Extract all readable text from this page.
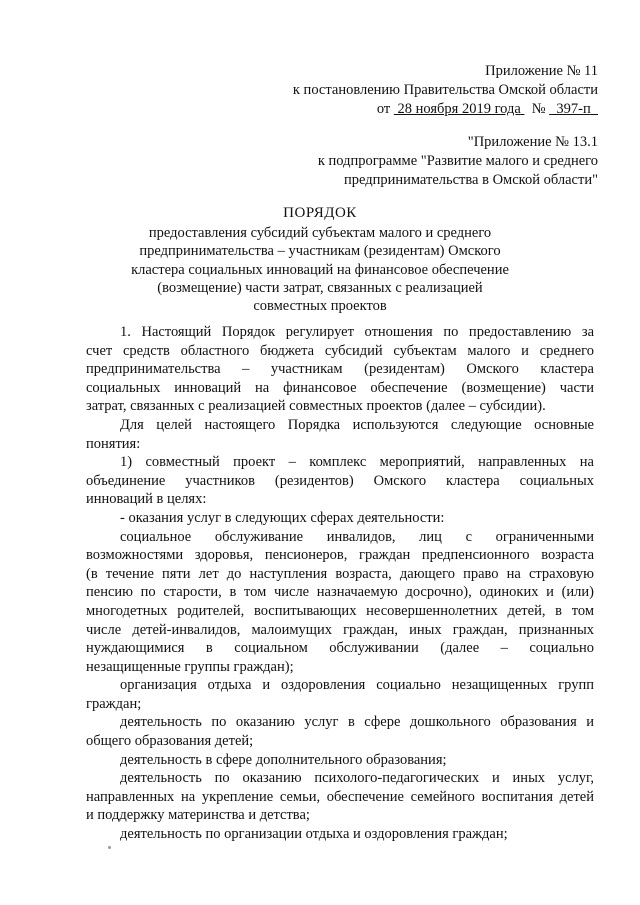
Приложение № 11
к постановлению Правительства Омской области
от 28 ноября 2019 года № 397-п
"Приложение № 13.1
к подпрограмме "Развитие малого и среднего
предпринимательства в Омской области"
ПОРЯДОК
предоставления субсидий субъектам малого и среднего
предпринимательства – участникам (резидентам) Омского
кластера социальных инноваций на финансовое обеспечение
(возмещение) части затрат, связанных с реализацией
совместных проектов

1. Настоящий Порядок регулирует отношения по предоставлению за

счет средств областного бюджета субсидий субъектам малого и среднего

предпринимательства – участникам (резидентам) Омского кластера

социальных инноваций на финансовое обеспечение (возмещение) части

затрат, связанных с реализацией совместных проектов (далее – субсидии).

Для целей настоящего Порядка используются следующие основные

понятия:

1) совместный проект – комплекс мероприятий, направленных на

объединение участников (резидентов) Омского кластера социальных

инноваций в целях:

- оказания услуг в следующих сферах деятельности:

социальное обслуживание инвалидов, лиц с ограниченными

возможностями здоровья, пенсионеров, граждан предпенсионного возраста

(в течение пяти лет до наступления возраста, дающего право на страховую

пенсию по старости, в том числе назначаемую досрочно), одиноких и (или)

многодетных родителей, воспитывающих несовершеннолетних детей, в том

числе детей-инвалидов, малоимущих граждан, иных граждан, признанных

нуждающимися в социальном обслуживании (далее – социально

незащищенные группы граждан);

организация отдыха и оздоровления социально незащищенных групп

граждан;

деятельность по оказанию услуг в сфере дошкольного образования и

общего образования детей;

деятельность в сфере дополнительного образования;

деятельность по оказанию психолого-педагогических и иных услуг,

направленных на укрепление семьи, обеспечение семейного воспитания детей

и поддержку материнства и детства;

деятельность по организации отдыха и оздоровления граждан;
